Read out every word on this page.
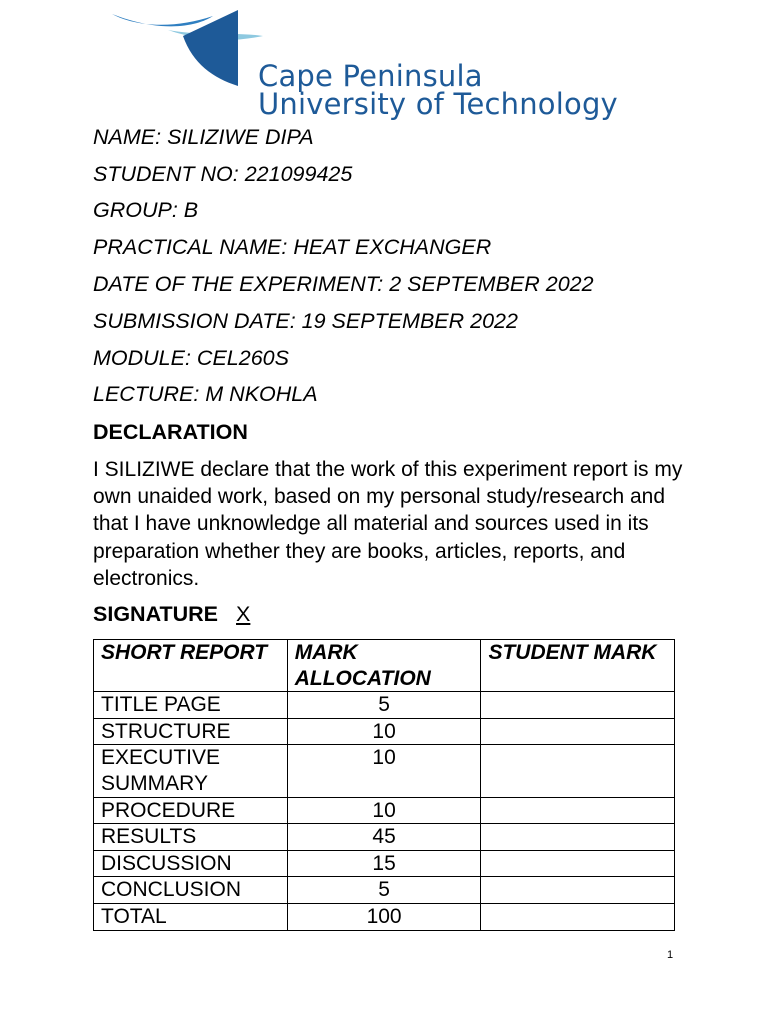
Cape Peninsula
University of Technology
NAME: SILIZIWE DIPA
STUDENT NO: 221099425
GROUP: B
PRACTICAL NAME: HEAT EXCHANGER
DATE OF THE EXPERIMENT: 2 SEPTEMBER 2022
SUBMISSION DATE: 19 SEPTEMBER 2022
MODULE: CEL260S
LECTURE: M NKOHLA
DECLARATION
I SILIZIWE declare that the work of this experiment report is my own unaided work, based on my personal study/research and that I have unknowledge all material and sources used in its preparation whether they are books, articles, reports, and electronics.
SIGNATURE X
SHORT REPORT	MARK ALLOCATION	STUDENT MARK
TITLE PAGE	5	
STRUCTURE	10	
EXECUTIVE SUMMARY	10	
PROCEDURE	10	
RESULTS	45	
DISCUSSION	15	
CONCLUSION	5	
TOTAL	100	
1
